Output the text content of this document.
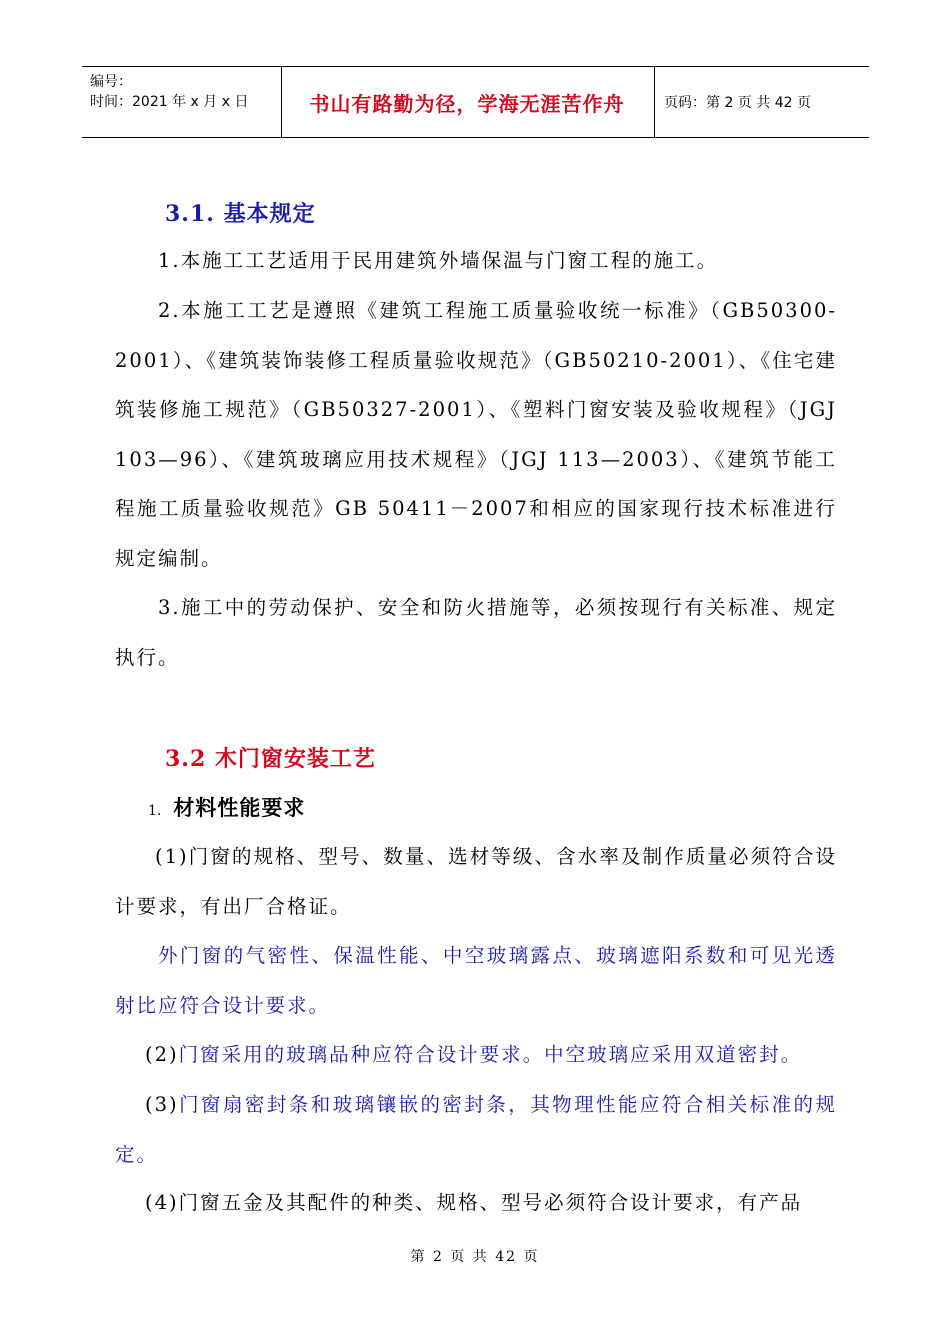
编号：
时间：2021 年 x 月 x 日	书山有路勤为径，学海无涯苦作舟	页码：第 2 页 共 42 页
3.1. 基本规定

1.本施工工艺适用于民用建筑外墙保温与门窗工程的施工。

2.本施工工艺是遵照《建筑工程施工质量验收统一标准》（GB50300-2001）、《建筑装饰装修工程质量验收规范》（GB50210-2001）、《住宅建筑装修施工规范》（GB50327-2001）、《塑料门窗安装及验收规程》（JGJ 103—96）、《建筑玻璃应用技术规程》（JGJ 113—2003）、《建筑节能工程施工质量验收规范》GB 50411－2007和相应的国家现行技术标准进行规定编制。

3.施工中的劳动保护、安全和防火措施等，必须按现行有关标准、规定执行。

3.2 木门窗安装工艺
1. 材料性能要求

(1)门窗的规格、型号、数量、选材等级、含水率及制作质量必须符合设计要求，有出厂合格证。

外门窗的气密性、保温性能、中空玻璃露点、玻璃遮阳系数和可见光透射比应符合设计要求。

(2)门窗采用的玻璃品种应符合设计要求。中空玻璃应采用双道密封。

(3)门窗扇密封条和玻璃镶嵌的密封条，其物理性能应符合相关标准的规定。

(4)门窗五金及其配件的种类、规格、型号必须符合设计要求，有产品

第 2 页 共 42 页
